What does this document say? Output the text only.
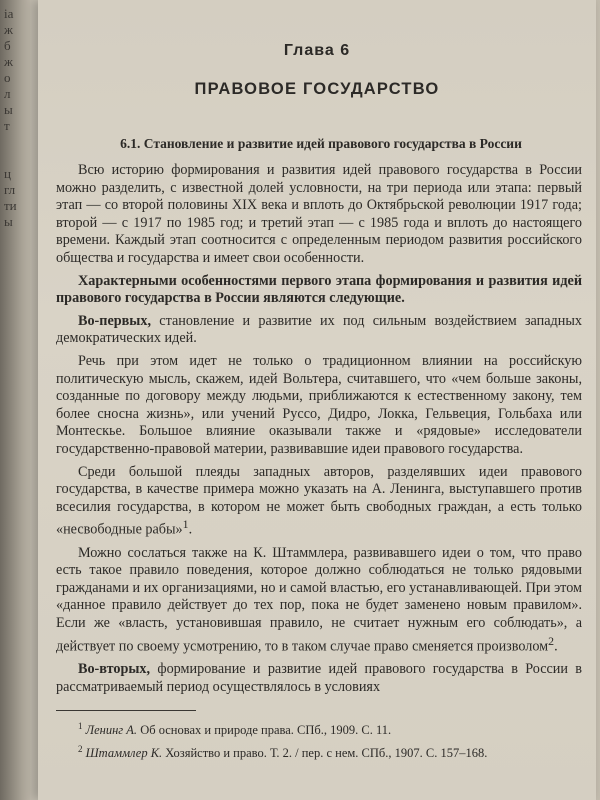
ia
ж
б
ж
о
л
ы
т

ц
гл
ти
ы
Глава 6
ПРАВОВОЕ ГОСУДАРСТВО
6.1. Становление и развитие идей правового государства в России

Всю историю формирования и развития идей правового государства в России можно разделить, с известной долей условности, на три периода или этапа: первый этап — со второй половины XIX века и вплоть до Октябрьской революции 1917 года; второй — с 1917 по 1985 год; и третий этап — с 1985 года и вплоть до настоящего времени. Каждый этап соотносится с определенным периодом развития российского общества и государства и имеет свои особенности.

Характерными особенностями первого этапа формирования и развития идей правового государства в России являются следующие.

Во-первых, становление и развитие их под сильным воздействием западных демократических идей.

Речь при этом идет не только о традиционном влиянии на российскую политическую мысль, скажем, идей Вольтера, считавшего, что «чем больше законы, созданные по договору между людьми, приближаются к естественному закону, тем более сносна жизнь», или учений Руссо, Дидро, Локка, Гельвеция, Гольбаха или Монтескье. Большое влияние оказывали также и «рядовые» исследователи государственно-правовой материи, развивавшие идеи правового государства.

Среди большой плеяды западных авторов, разделявших идеи правового государства, в качестве примера можно указать на А. Ленинга, выступавшего против всесилия государства, в котором не может быть свободных граждан, а есть только «несвободные рабы»$^1$.

Можно сослаться также на К. Штаммлера, развивавшего идеи о том, что право есть такое правило поведения, которое должно соблюдаться не только рядовыми гражданами и их организациями, но и самой властью, его устанавливающей. При этом «данное правило действует до тех пор, пока не будет заменено новым правилом». Если же «власть, установившая правило, не считает нужным его соблюдать», а действует по своему усмотрению, то в таком случае право сменяется произволом$^2$.

Во-вторых, формирование и развитие идей правового государства в России в рассматриваемый период осуществлялось в условиях

$^1$ Ленинг А. Об основах и природе права. СПб., 1909. С. 11.

$^2$ Штаммлер К. Хозяйство и право. Т. 2. / пер. с нем. СПб., 1907. С. 157–168.
